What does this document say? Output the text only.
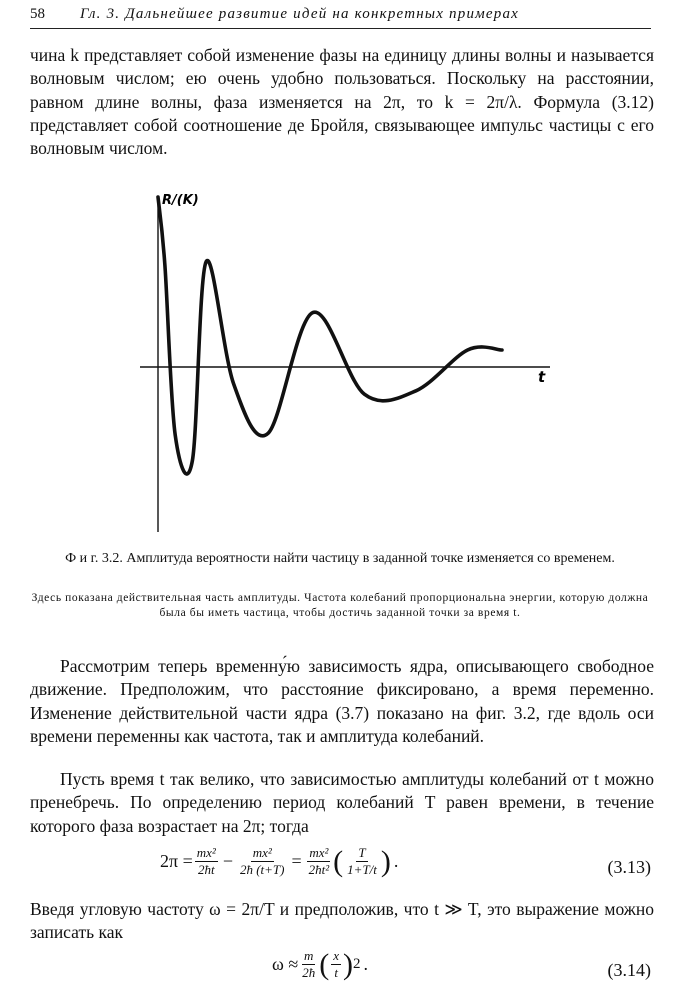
58 Гл. 3. Дальнейшее развитие идей на конкретных примерах

чина k представляет собой изменение фазы на единицу длины волны и называется волновым числом; ею очень удобно пользоваться. Поскольку на расстоянии, равном длине волны, фаза изменяется на 2π, то k = 2π/λ. Формула (3.12) представляет собой соотношение де Бройля, связывающее импульс частицы с его волновым числом.

R/(K)
t

Ф и г. 3.2. Амплитуда вероятности найти частицу в заданной точке изменяется со временем.

Здесь показана действительная часть амплитуды. Частота колебаний пропорциональна энергии, которую должна была бы иметь частица, чтобы достичь заданной точки за время t.

Рассмотрим теперь временну́ю зависимость ядра, описывающего свободное движение. Предположим, что расстояние фиксировано, а время переменно. Изменение действительной части ядра (3.7) показано на фиг. 3.2, где вдоль оси времени переменны как частота, так и амплитуда колебаний.

Пусть время t так велико, что зависимостью амплитуды колебаний от t можно пренебречь. По определению период колебаний T равен времени, в течение которого фаза возрастает на 2π; тогда

$2\pi = \frac{\text{mx²}}{2ħt} - \frac{\text{mx²}}{2ħ (t+T)} = \frac{\text{mx²}}{\text{2ħt²}}$ ( $\frac{T}{1+T/t}$ ) .	(3.13)

Введя угловую частоту ω = 2π/T и предположив, что t ≫ T, это выражение можно записать как

$\omega \approx \frac{m}{2ħ}$ ( $\frac{x}{t}$ ) 2 .	(3.14)
